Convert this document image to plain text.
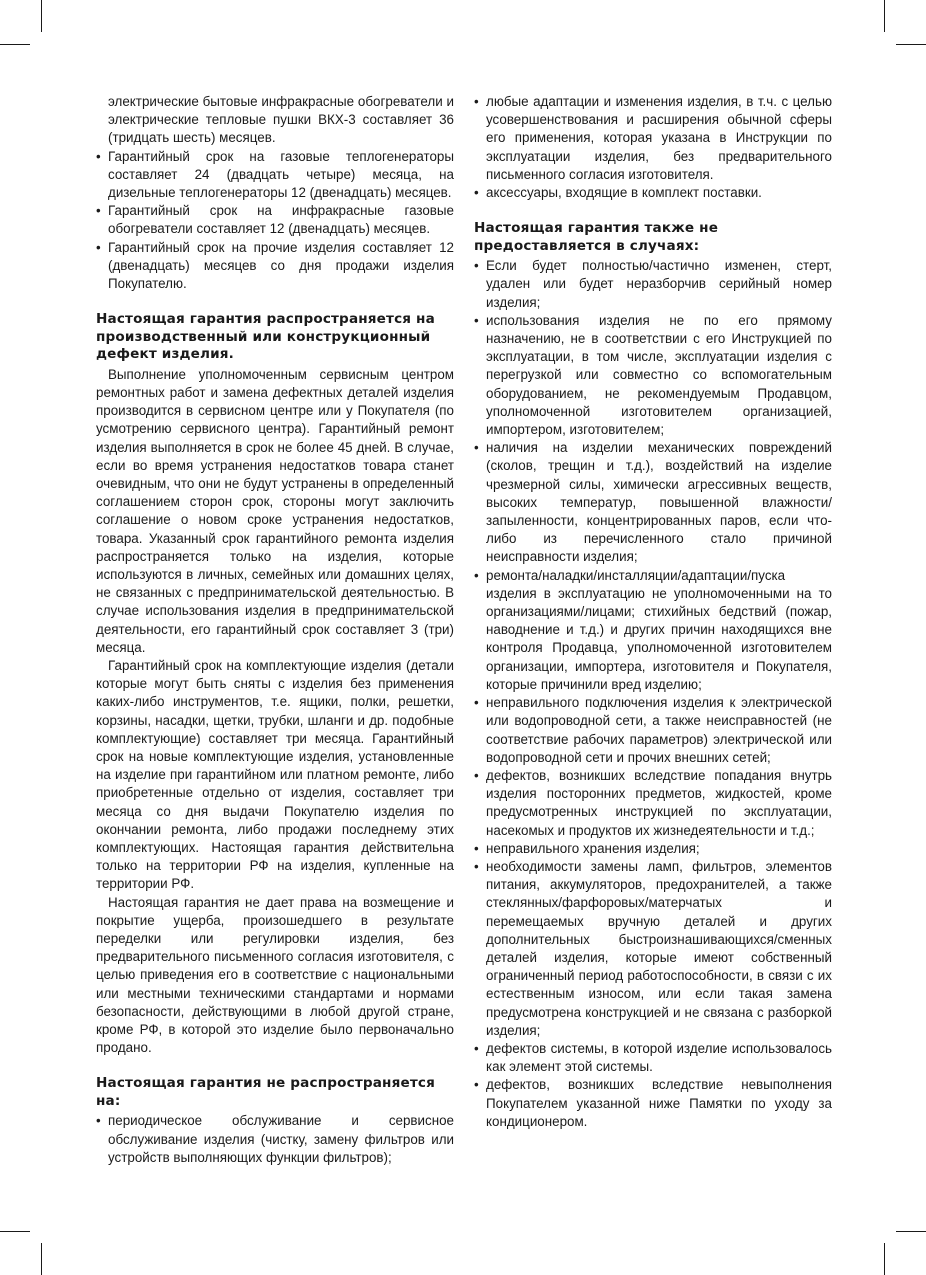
электрические бытовые инфракрасные обогреватели и электрические тепловые пушки ВКХ-3 составляет 36 (тридцать шесть) месяцев.

• Гарантийный срок на газовые теплогенераторы составляет 24 (двадцать четыре) месяца, на дизельные теплогенераторы 12 (двенадцать) месяцев.
• Гарантийный срок на инфракрасные газовые обогреватели составляет 12 (двенадцать) месяцев.
• Гарантийный срок на прочие изделия составляет 12 (двенадцать) месяцев со дня продажи изделия Покупателю.
Настоящая гарантия распространяется на производственный или конструкционный дефект изделия.

Выполнение уполномоченным сервисным центром ремонтных работ и замена дефектных деталей изделия производится в сервисном центре или у Покупателя (по усмотрению сервисного центра). Гарантийный ремонт изделия выполняется в срок не более 45 дней. В случае, если во время устранения недостатков товара станет очевидным, что они не будут устранены в определенный соглашением сторон срок, стороны могут заключить соглашение о новом сроке устранения недостатков, товара. Указанный срок гарантийного ремонта изделия распространяется только на изделия, которые используются в личных, семейных или домашних целях, не связанных с предпринимательской деятельностью. В случае использования изделия в предпринимательской деятельности, его гарантийный срок составляет 3 (три) месяца.

Гарантийный срок на комплектующие изделия (детали которые могут быть сняты с изделия без применения каких-либо инструментов, т.е. ящики, полки, решетки, корзины, насадки, щетки, трубки, шланги и др. подобные комплектующие) составляет три месяца. Гарантийный срок на новые комплектующие изделия, установленные на изделие при гарантийном или платном ремонте, либо приобретенные отдельно от изделия, составляет три месяца со дня выдачи Покупателю изделия по окончании ремонта, либо продажи последнему этих комплектующих. Настоящая гарантия действительна только на территории РФ на изделия, купленные на территории РФ.

Настоящая гарантия не дает права на возмещение и покрытие ущерба, произошедшего в результате переделки или регулировки изделия, без предварительного письменного согласия изготовителя, с целью приведения его в соответствие с национальными или местными техническими стандартами и нормами безопасности, действующими в любой другой стране, кроме РФ, в которой это изделие было первоначально продано.

Настоящая гарантия не распространяется на:
• периодическое обслуживание и сервисное обслуживание изделия (чистку, замену фильтров или устройств выполняющих функции фильтров);
• любые адаптации и изменения изделия, в т.ч. с целью усовершенствования и расширения обычной сферы его применения, которая указана в Инструкции по эксплуатации изделия, без предварительного письменного согласия изготовителя.
• аксессуары, входящие в комплект поставки.
Настоящая гарантия также не предоставляется в случаях:
• Если будет полностью/частично изменен, стерт, удален или будет неразборчив серийный номер изделия;
• использования изделия не по его прямому назначению, не в соответствии с его Инструкцией по эксплуатации, в том числе, эксплуатации изделия с перегрузкой или совместно со вспомогательным оборудованием, не рекомендуемым Продавцом, уполномоченной изготовителем организацией, импортером, изготовителем;
• наличия на изделии механических повреждений (сколов, трещин и т.д.), воздействий на изделие чрезмерной силы, химически агрессивных веществ, высоких температур, повышенной влажности/запыленности, концентрированных паров, если что-либо из перечисленного стало причиной неисправности изделия;
• ремонта/наладки/инсталляции/адаптации/пуска изделия в эксплуатацию не уполномоченными на то организациями/лицами; стихийных бедствий (пожар, наводнение и т.д.) и других причин находящихся вне контроля Продавца, уполномоченной изготовителем организации, импортера, изготовителя и Покупателя, которые причинили вред изделию;
• неправильного подключения изделия к электрической или водопроводной сети, а также неисправностей (не соответствие рабочих параметров) электрической или водопроводной сети и прочих внешних сетей;
• дефектов, возникших вследствие попадания внутрь изделия посторонних предметов, жидкостей, кроме предусмотренных инструкцией по эксплуатации, насекомых и продуктов их жизнедеятельности и т.д.;
• неправильного хранения изделия;
• необходимости замены ламп, фильтров, элементов питания, аккумуляторов, предохранителей, а также стеклянных/фарфоровых/матерчатых и перемещаемых вручную деталей и других дополнительных быстроизнашивающихся/сменных деталей изделия, которые имеют собственный ограниченный период работоспособности, в связи с их естественным износом, или если такая замена предусмотрена конструкцией и не связана с разборкой изделия;
• дефектов системы, в которой изделие использовалось как элемент этой системы.
• дефектов, возникших вследствие невыполнения Покупателем указанной ниже Памятки по уходу за кондиционером.
